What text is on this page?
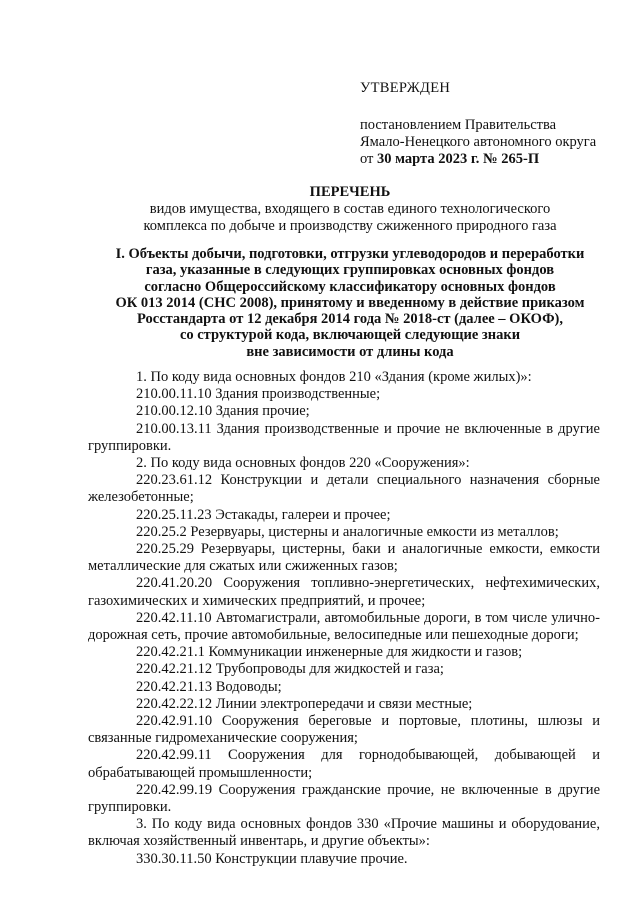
УТВЕРЖДЕН
постановлением Правительства
Ямало-Ненецкого автономного округа
от 30 марта 2023 г. № 265-П
ПЕРЕЧЕНЬ
видов имущества, входящего в состав единого технологического
комплекса по добыче и производству сжиженного природного газа
I. Объекты добычи, подготовки, отгрузки углеводородов и переработки
газа, указанные в следующих группировках основных фондов
согласно Общероссийскому классификатору основных фондов
ОК 013 2014 (СНС 2008), принятому и введенному в действие приказом
Росстандарта от 12 декабря 2014 года № 2018-ст (далее – ОКОФ),
со структурой кода, включающей следующие знаки
вне зависимости от длины кода

1. По коду вида основных фондов 210 «Здания (кроме жилых)»:

210.00.11.10 Здания производственные;

210.00.12.10 Здания прочие;

210.00.13.11 Здания производственные и прочие не включенные в другие группировки.

2. По коду вида основных фондов 220 «Сооружения»:

220.23.61.12 Конструкции и детали специального назначения сборные железобетонные;

220.25.11.23 Эстакады, галереи и прочее;

220.25.2 Резервуары, цистерны и аналогичные емкости из металлов;

220.25.29 Резервуары, цистерны, баки и аналогичные емкости, емкости металлические для сжатых или сжиженных газов;

220.41.20.20 Сооружения топливно-энергетических, нефтехимических, газохимических и химических предприятий, и прочее;

220.42.11.10 Автомагистрали, автомобильные дороги, в том числе улично-дорожная сеть, прочие автомобильные, велосипедные или пешеходные дороги;

220.42.21.1 Коммуникации инженерные для жидкости и газов;

220.42.21.12 Трубопроводы для жидкостей и газа;

220.42.21.13 Водоводы;

220.42.22.12 Линии электропередачи и связи местные;

220.42.91.10 Сооружения береговые и портовые, плотины, шлюзы и связанные гидромеханические сооружения;

220.42.99.11 Сооружения для горнодобывающей, добывающей и обрабатывающей промышленности;

220.42.99.19 Сооружения гражданские прочие, не включенные в другие группировки.

3. По коду вида основных фондов 330 «Прочие машины и оборудование, включая хозяйственный инвентарь, и другие объекты»:

330.30.11.50 Конструкции плавучие прочие.
